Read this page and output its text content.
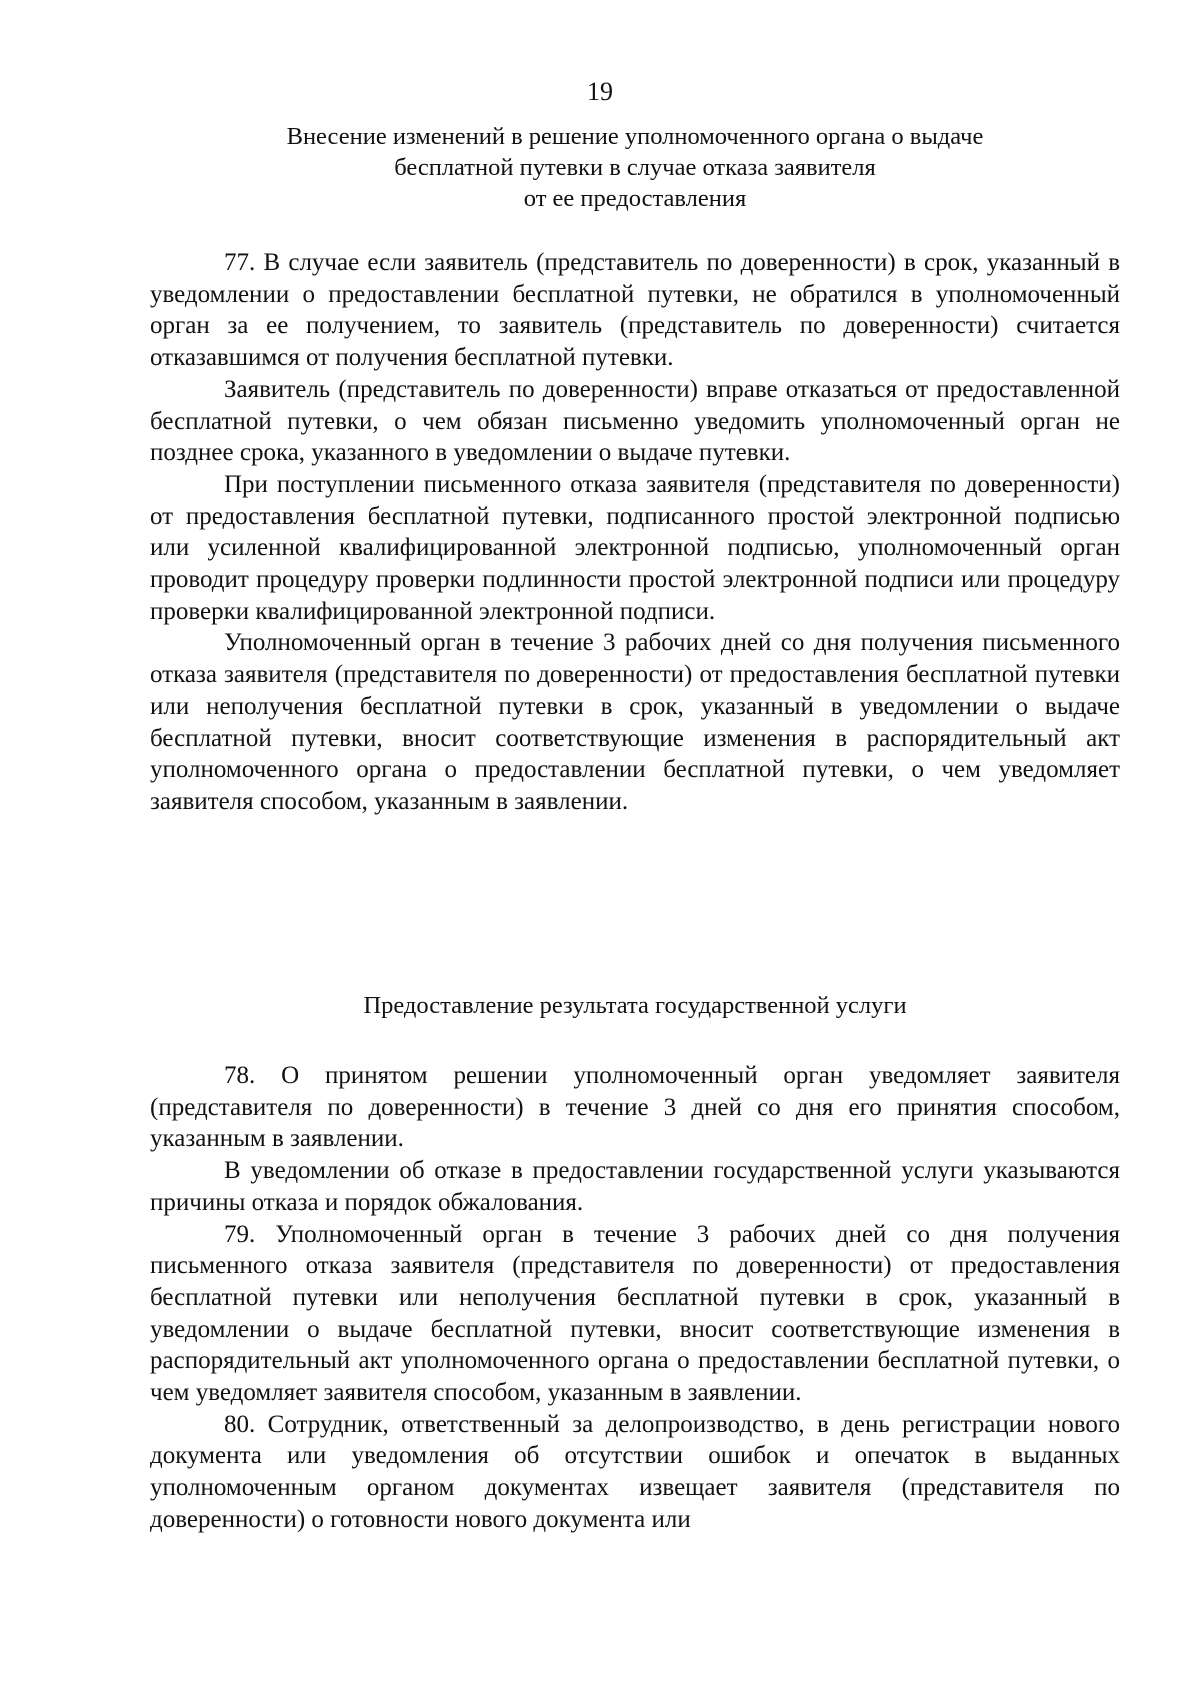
19
Внесение изменений в решение уполномоченного органа о выдаче
бесплатной путевки в случае отказа заявителя
от ее предоставления

77. В случае если заявитель (представитель по доверенности) в срок, указанный в уведомлении о предоставлении бесплатной путевки, не обратился в уполномоченный орган за ее получением, то заявитель (представитель по доверенности) считается отказавшимся от получения бесплатной путевки.

Заявитель (представитель по доверенности) вправе отказаться от предоставленной бесплатной путевки, о чем обязан письменно уведомить уполномоченный орган не позднее срока, указанного в уведомлении о выдаче путевки.

При поступлении письменного отказа заявителя (представителя по доверенности) от предоставления бесплатной путевки, подписанного простой электронной подписью или усиленной квалифицированной электронной подписью, уполномоченный орган проводит процедуру проверки подлинности простой электронной подписи или процедуру проверки квалифицированной электронной подписи.

Уполномоченный орган в течение 3 рабочих дней со дня получения письменного отказа заявителя (представителя по доверенности) от предоставления бесплатной путевки или неполучения бесплатной путевки в срок, указанный в уведомлении о выдаче бесплатной путевки, вносит соответствующие изменения в распорядительный акт уполномоченного органа о предоставлении бесплатной путевки, о чем уведомляет заявителя способом, указанным в заявлении.

Предоставление результата государственной услуги

78. О принятом решении уполномоченный орган уведомляет заявителя (представителя по доверенности) в течение 3 дней со дня его принятия способом, указанным в заявлении.

В уведомлении об отказе в предоставлении государственной услуги указываются причины отказа и порядок обжалования.

79. Уполномоченный орган в течение 3 рабочих дней со дня получения письменного отказа заявителя (представителя по доверенности) от предоставления бесплатной путевки или неполучения бесплатной путевки в срок, указанный в уведомлении о выдаче бесплатной путевки, вносит соответствующие изменения в распорядительный акт уполномоченного органа о предоставлении бесплатной путевки, о чем уведомляет заявителя способом, указанным в заявлении.

80. Сотрудник, ответственный за делопроизводство, в день регистрации нового документа или уведомления об отсутствии ошибок и опечаток в выданных уполномоченным органом документах извещает заявителя (представителя по доверенности) о готовности нового документа или
